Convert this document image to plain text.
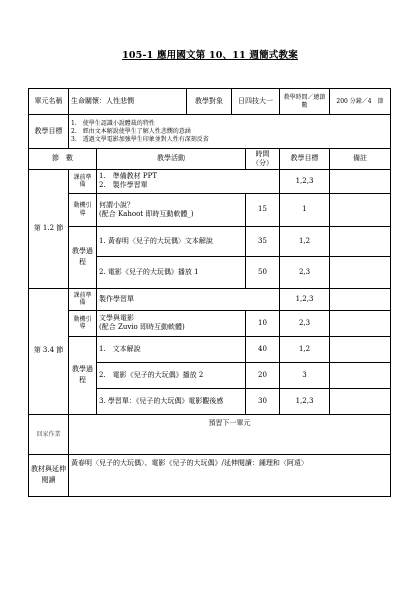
105-1 應用國文第 10、11 週簡式教案
單元名稱	生命關懷：人性悲憫		教學對象	日四技大一		教學時間／總節數	200 分鐘／4　節
教學目標	1.　使學生認識小說體裁的特性
2.　經由文本解說使學生了解人性悲憫的意涵
3.　透過文學電影加強學生印象並對人性有深刻反省						

節　數		教學活動			時間（分）	教學目標	備註
第 1.2 節	課前準備	1.　準備教材 PPT
2.　製作學習單				1,2,3	
	動機引導	何謂小說？
(配合 Kahoot 即時互動軟體_)			15	1	
	教學過程	1. 黃春明〈兒子的大玩偶〉文本解說			35	1,2	
		2. 電影《兒子的大玩偶》播放 1			50	2,3	
第 3.4 節	課前準備	製作學習單				1,2,3	
	動機引導	文學與電影
(配合 Zuvio 即時互動軟體)			10	2,3	
	教學過程	1.　文本解說			40	1,2	
		2.　電影《兒子的大玩偶》播放 2			20	3	
		3. 學習單：《兒子的大玩偶》電影觀後感			30	1,2,3	
回家作業	預習下一單元						
教材與延伸閱讀	黃春明〈兒子的大玩偶〉、電影《兒子的大玩偶》/延伸閱讀：鍾理和〈阿遠〉						
